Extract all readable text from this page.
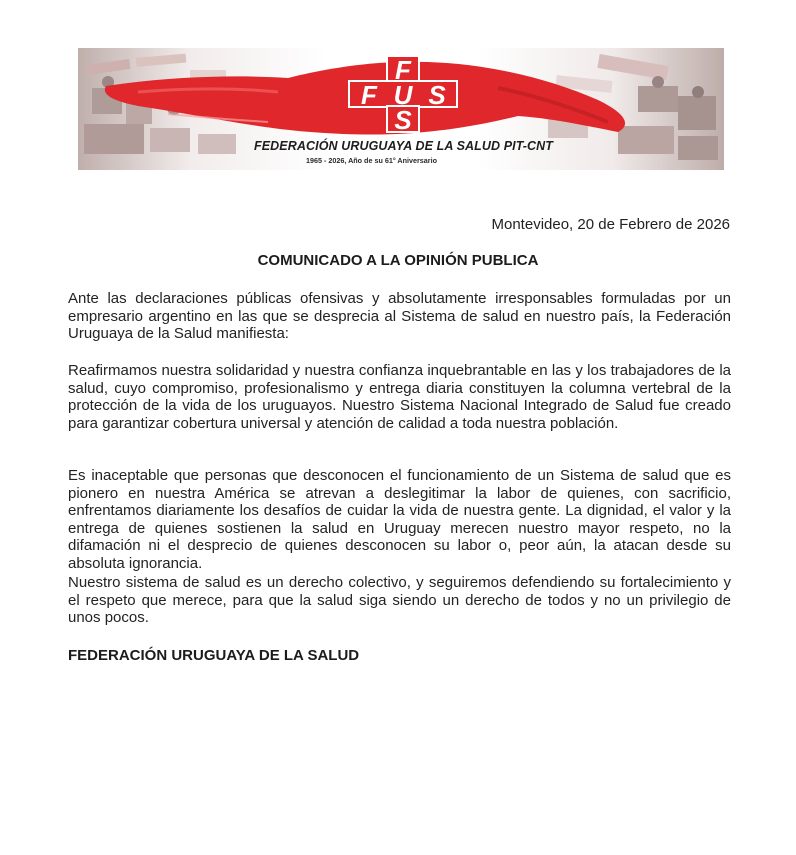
F
F U S
S
FEDERACIÓN URUGUAYA DE LA SALUD PIT-CNT
1965 - 2026, Año de su 61° Aniversario
Montevideo, 20 de Febrero de 2026
COMUNICADO A LA OPINIÓN PUBLICA

Ante las declaraciones públicas ofensivas y absolutamente irresponsables formuladas por un empresario argentino en las que se desprecia al Sistema de salud en nuestro país, la Federación Uruguaya de la Salud manifiesta:

Reafirmamos nuestra solidaridad y nuestra confianza inquebrantable en las y los trabajadores de la salud, cuyo compromiso, profesionalismo y entrega diaria constituyen la columna vertebral de la protección de la vida de los uruguayos. Nuestro Sistema Nacional Integrado de Salud fue creado para garantizar cobertura universal y atención de calidad a toda nuestra población.

Es inaceptable que personas que desconocen el funcionamiento de un Sistema de salud que es pionero en nuestra América se atrevan a deslegitimar la labor de quienes, con sacrificio, enfrentamos diariamente los desafíos de cuidar la vida de nuestra gente. La dignidad, el valor y la entrega de quienes sostienen la salud en Uruguay merecen nuestro mayor respeto, no la difamación ni el desprecio de quienes desconocen su labor o, peor aún, la atacan desde su absoluta ignorancia.

Nuestro sistema de salud es un derecho colectivo, y seguiremos defendiendo su fortalecimiento y el respeto que merece, para que la salud siga siendo un derecho de todos y no un privilegio de unos pocos.

FEDERACIÓN URUGUAYA DE LA SALUD
